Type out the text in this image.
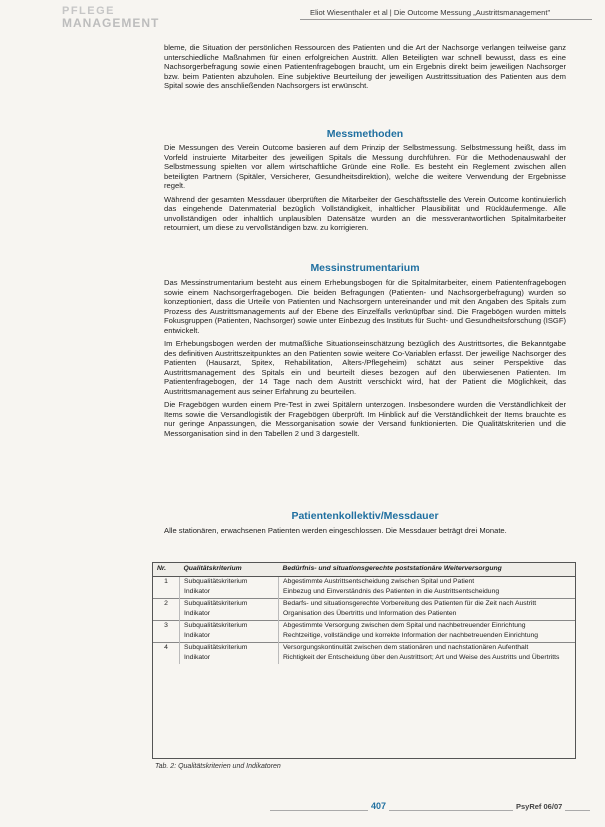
PFLEGE
MANAGEMENT
Eliot Wiesenthaler et al | Die Outcome Messung „Austrittsmanagement"

bleme, die Situation der persönlichen Ressourcen des Patienten und die Art der Nachsorge verlangen teilweise ganz unterschiedliche Maßnahmen für einen erfolgreichen Austritt. Allen Beteiligten war schnell bewusst, dass es eine Nachsorgerbefragung sowie einen Patientenfragebogen braucht, um ein Ergebnis direkt beim jeweiligen Nachsorger bzw. beim Patienten abzuholen. Eine subjektive Beurteilung der jeweiligen Austrittssituation des Patienten aus dem Spital sowie des anschließenden Nachsorgers ist erwünscht.

Messmethoden

Die Messungen des Verein Outcome basieren auf dem Prinzip der Selbstmessung. Selbstmessung heißt, dass im Vorfeld instruierte Mitarbeiter des jeweiligen Spitals die Messung durchführen. Für die Methodenauswahl der Selbstmessung spielten vor allem wirtschaftliche Gründe eine Rolle. Es besteht ein Reglement zwischen allen beteiligten Partnern (Spitäler, Versicherer, Gesundheitsdirektion), welche die weitere Verwendung der Ergebnisse regelt.

Während der gesamten Messdauer überprüften die Mitarbeiter der Geschäftsstelle des Verein Outcome kontinuierlich das eingehende Datenmaterial bezüglich Vollständigkeit, inhaltlicher Plausibilität und Rückläufermenge. Alle unvollständigen oder inhaltlich unplausiblen Datensätze wurden an die messverantwortlichen Spitalmitarbeiter retourniert, um diese zu vervollständigen bzw. zu korrigieren.

Messinstrumentarium

Das Messinstrumentarium besteht aus einem Erhebungsbogen für die Spitalmitarbeiter, einem Patientenfragebogen sowie einem Nachsorgerfragebogen. Die beiden Befragungen (Patienten- und Nachsorgerbefragung) wurden so konzeptioniert, dass die Urteile von Patienten und Nachsorgern untereinander und mit den Angaben des Spitals zum Prozess des Austrittsmanagements auf der Ebene des Einzelfalls verknüpfbar sind. Die Fragebögen wurden mittels Fokusgruppen (Patienten, Nachsorger) sowie unter Einbezug des Instituts für Sucht- und Gesundheitsforschung (ISGF) entwickelt.

Im Erhebungsbogen werden der mutmaßliche Situationseinschätzung bezüglich des Austrittsortes, die Bekanntgabe des definitiven Austrittszeitpunktes an den Patienten sowie weitere Co-Variablen erfasst. Der jeweilige Nachsorger des Patienten (Hausarzt, Spitex, Rehabilitation, Alters-/Pflegeheim) schätzt aus seiner Perspektive das Austrittsmanagement des Spitals ein und beurteilt dieses bezogen auf den überwiesenen Patienten. Im Patientenfragebogen, der 14 Tage nach dem Austritt verschickt wird, hat der Patient die Möglichkeit, das Austrittsmanagement aus seiner Erfahrung zu beurteilen.

Die Fragebögen wurden einem Pre-Test in zwei Spitälern unterzogen. Insbesondere wurden die Verständlichkeit der Items sowie die Versandlogistik der Fragebögen überprüft. Im Hinblick auf die Verständlichkeit der Items brauchte es nur geringe Anpassungen, die Messorganisation sowie der Versand funktionierten. Die Qualitätskriterien und die Messorganisation sind in den Tabellen 2 und 3 dargestellt.

Patientenkollektiv/Messdauer

Alle stationären, erwachsenen Patienten werden eingeschlossen. Die Messdauer beträgt drei Monate.

Nr.	Qualitätskriterium	Bedürfnis- und situationsgerechte poststationäre Weiterversorgung
1	Subqualitätskriterium	Abgestimmte Austrittsentscheidung zwischen Spital und Patient
	Indikator	Einbezug und Einverständnis des Patienten in die Austrittsentscheidung
2	Subqualitätskriterium	Bedarfs- und situationsgerechte Vorbereitung des Patienten für die Zeit nach Austritt
	Indikator	Organisation des Übertritts und Information des Patienten
3	Subqualitätskriterium	Abgestimmte Versorgung zwischen dem Spital und nachbetreuender Einrichtung
	Indikator	Rechtzeitige, vollständige und korrekte Information der nachbetreuenden Einrichtung
4	Subqualitätskriterium	Versorgungskontinuität zwischen dem stationären und nachstationären Aufenthalt
	Indikator	Richtigkeit der Entscheidung über den Austrittsort; Art und Weise des Austritts und Übertritts
Tab. 2: Qualitätskriterien und Indikatoren
407	PsyRef 06/07
